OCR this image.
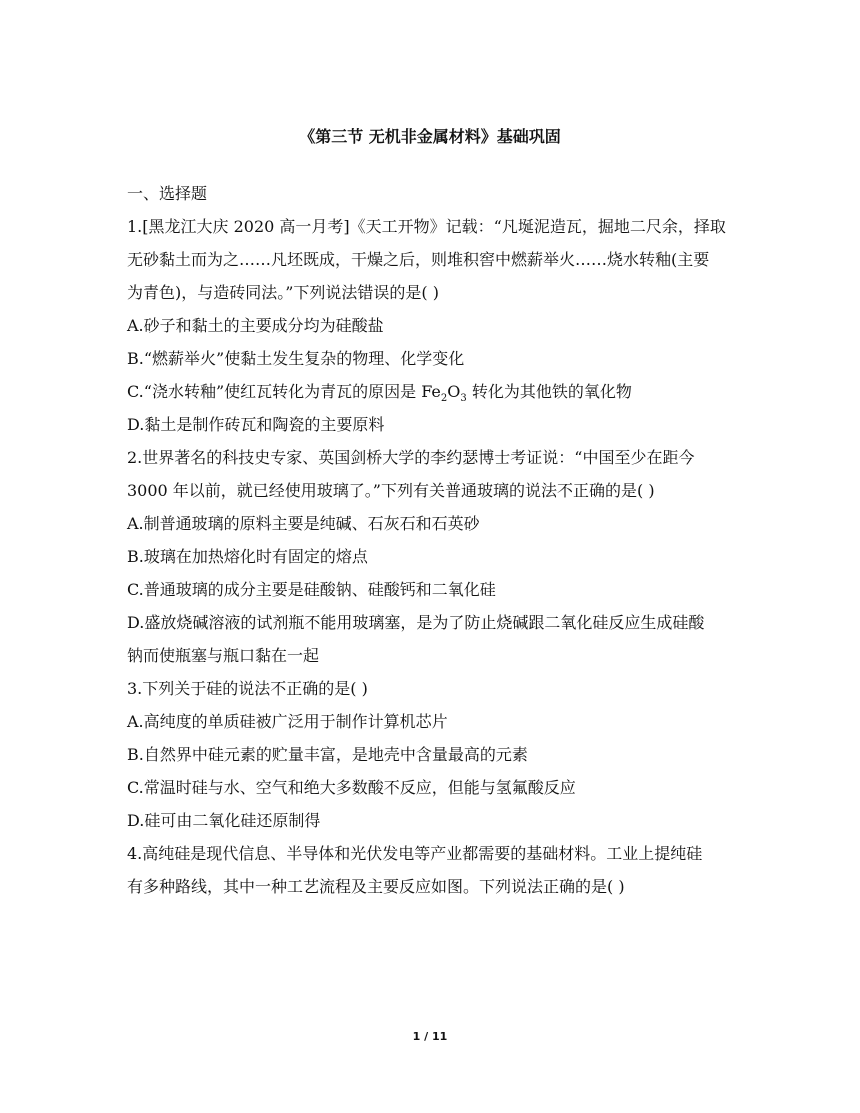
《第三节 无机非金属材料》基础巩固
一、选择题
1.[黑龙江大庆 2020 高一月考]《天工开物》记载：“凡埏泥造瓦，掘地二尺余，择取
无砂黏土而为之……凡坯既成，干燥之后，则堆积窖中燃薪举火……烧水转釉(主要
为青色)，与造砖同法。”下列说法错误的是( )
A.砂子和黏土的主要成分均为硅酸盐
B.“燃薪举火”使黏土发生复杂的物理、化学变化
C.“浇水转釉”使红瓦转化为青瓦的原因是 $Fe_2O_3$ 转化为其他铁的氧化物
D.黏土是制作砖瓦和陶瓷的主要原料
2.世界著名的科技史专家、英国剑桥大学的李约瑟博士考证说：“中国至少在距今
3000 年以前，就已经使用玻璃了。”下列有关普通玻璃的说法不正确的是( )
A.制普通玻璃的原料主要是纯碱、石灰石和石英砂
B.玻璃在加热熔化时有固定的熔点
C.普通玻璃的成分主要是硅酸钠、硅酸钙和二氧化硅
D.盛放烧碱溶液的试剂瓶不能用玻璃塞，是为了防止烧碱跟二氧化硅反应生成硅酸
钠而使瓶塞与瓶口黏在一起
3.下列关于硅的说法不正确的是( )
A.高纯度的单质硅被广泛用于制作计算机芯片
B.自然界中硅元素的贮量丰富，是地壳中含量最高的元素
C.常温时硅与水、空气和绝大多数酸不反应，但能与氢氟酸反应
D.硅可由二氧化硅还原制得
4.高纯硅是现代信息、半导体和光伏发电等产业都需要的基础材料。工业上提纯硅
有多种路线，其中一种工艺流程及主要反应如图。下列说法正确的是( )
1 / 11
